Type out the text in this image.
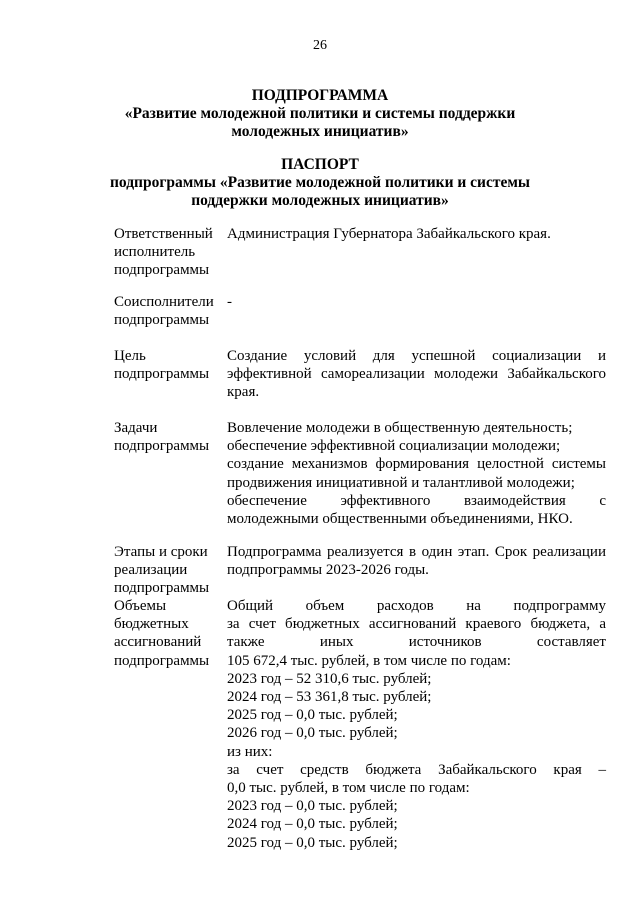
26
ПОДПРОГРАММА
«Развитие молодежной политики и системы поддержки
молодежных инициатив»
ПАСПОРТ
подпрограммы «Развитие молодежной политики и системы
поддержки молодежных инициатив»
Ответственный
исполнитель
подпрограммы
Администрация Губернатора Забайкальского края.
Соисполнители
подпрограммы
-
Цель
подпрограммы
Создание условий для успешной социализации и
эффективной самореализации молодежи Забайкальского
края.
Задачи
подпрограммы
Вовлечение молодежи в общественную деятельность;
обеспечение эффективной социализации молодежи;
создание механизмов формирования целостной системы
продвижения инициативной и талантливой молодежи;
обеспечение эффективного взаимодействия с
молодежными общественными объединениями, НКО.
Этапы и сроки
реализации
подпрограммы
Подпрограмма реализуется в один этап. Срок реализации
подпрограммы 2023-2026 годы.
Объемы
бюджетных
ассигнований
подпрограммы
Общий объем расходов на подпрограмму
за счет бюджетных ассигнований краевого бюджета, а
также иных источников составляет
105 672,4 тыс. рублей, в том числе по годам:
2023 год – 52 310,6 тыс. рублей;
2024 год – 53 361,8 тыс. рублей;
2025 год – 0,0 тыс. рублей;
2026 год – 0,0 тыс. рублей;
из них:
за счет средств бюджета Забайкальского края –
0,0 тыс. рублей, в том числе по годам:
2023 год – 0,0 тыс. рублей;
2024 год – 0,0 тыс. рублей;
2025 год – 0,0 тыс. рублей;
